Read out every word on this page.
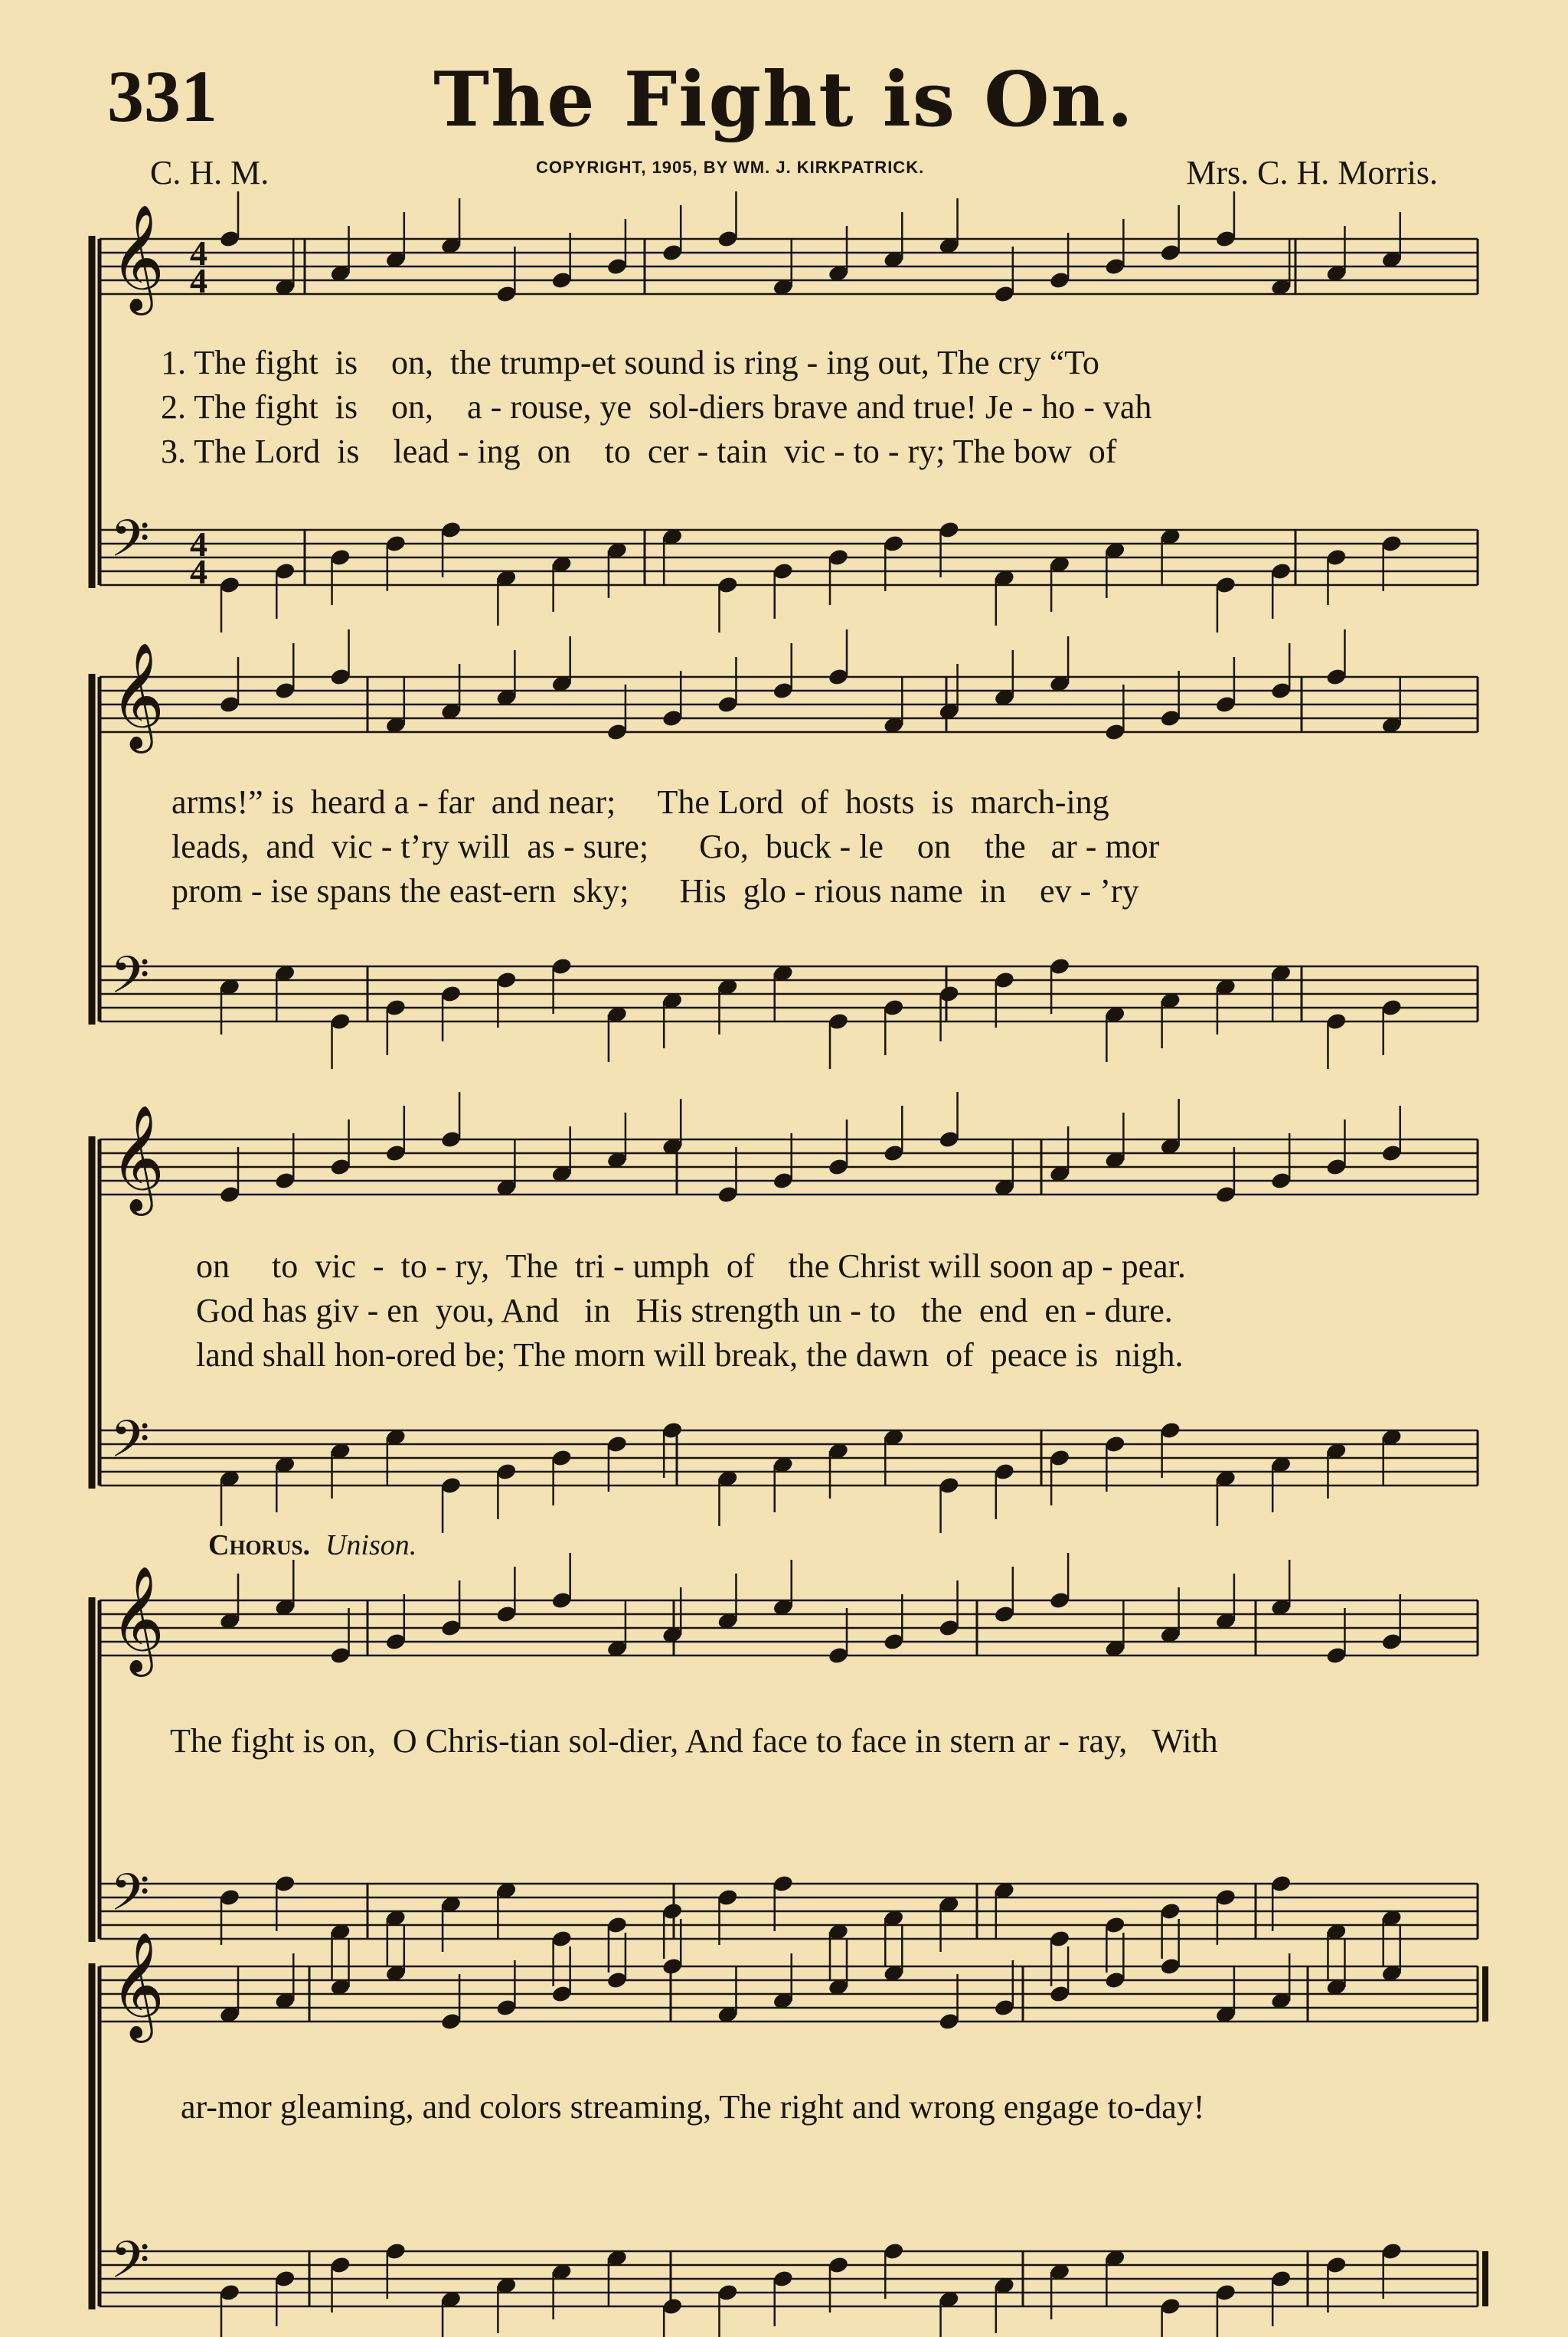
331	The Fight is On.
C. H. M.	COPYRIGHT, 1905, BY WM. J. KIRKPATRICK.	Mrs. C. H. Morris.
𝄞
𝄢
𝄞
𝄢
𝄞
𝄢
𝄞
𝄢
𝄞
𝄢
4
4
4
4
1. The fight  is    on,  the trump-et sound is ring - ing out, The cry “To
2. The fight  is    on,    a - rouse, ye  sol-diers brave and true! Je - ho - vah
3. The Lord  is    lead - ing  on    to  cer - tain  vic - to - ry; The bow  of
arms!” is  heard a - far  and near;     The Lord  of  hosts  is  march-ing
leads,  and  vic - t’ry will  as - sure;      Go,  buck - le    on    the   ar - mor
prom - ise spans the east-ern  sky;      His  glo - rious name  in    ev - ’ry
on     to  vic  -  to - ry,  The  tri - umph  of    the Christ will soon ap - pear.
God has giv - en  you, And   in   His strength un - to   the  end  en - dure.
land shall hon-ored be; The morn will break, the dawn  of  peace is  nigh.
Chorus. Unison.
The fight is on,  O Chris-tian sol-dier, And face to face in stern ar - ray,   With
ar-mor gleaming, and colors streaming, The right and wrong engage to-day!
